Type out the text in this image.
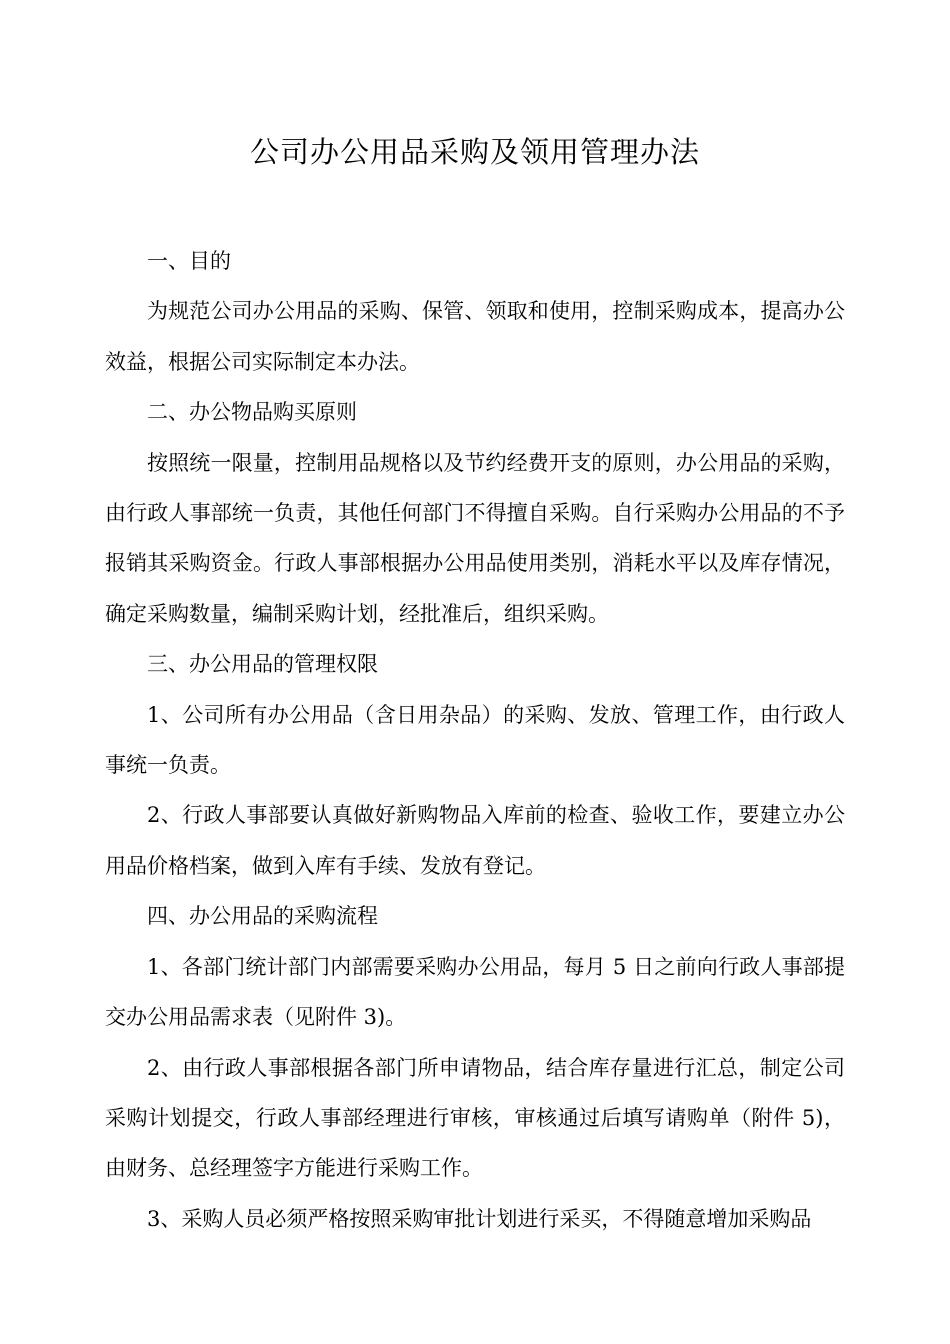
公司办公用品采购及领用管理办法

一、目的

为规范公司办公用品的采购、保管、领取和使用，控制采购成本，提高办公效益，根据公司实际制定本办法。

二、办公物品购买原则

按照统一限量，控制用品规格以及节约经费开支的原则，办公用品的采购，由行政人事部统一负责，其他任何部门不得擅自采购。自行采购办公用品的不予报销其采购资金。行政人事部根据办公用品使用类别，消耗水平以及库存情况，确定采购数量，编制采购计划，经批准后，组织采购。

三、办公用品的管理权限

1、公司所有办公用品（含日用杂品）的采购、发放、管理工作，由行政人事统一负责。

2、行政人事部要认真做好新购物品入库前的检查、验收工作，要建立办公用品价格档案，做到入库有手续、发放有登记。

四、办公用品的采购流程

1、各部门统计部门内部需要采购办公用品，每月 5 日之前向行政人事部提交办公用品需求表（见附件 3)。

2、由行政人事部根据各部门所申请物品，结合库存量进行汇总，制定公司采购计划提交，行政人事部经理进行审核，审核通过后填写请购单（附件 5)，由财务、总经理签字方能进行采购工作。

3、采购人员必须严格按照采购审批计划进行采买，不得随意增加采购品
